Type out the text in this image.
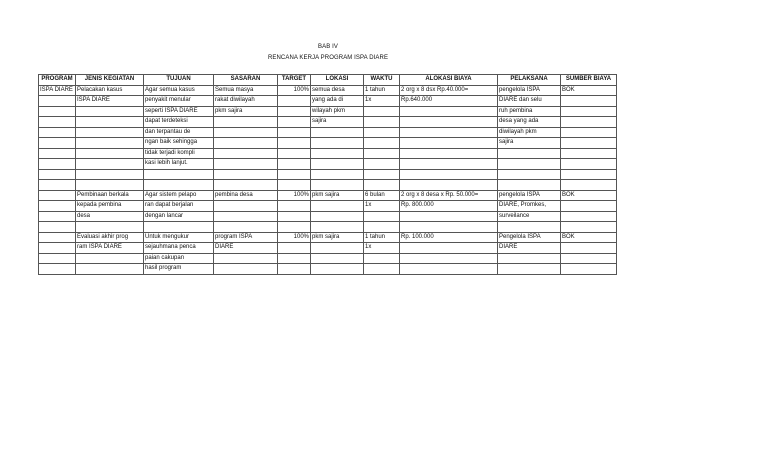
BAB IV
RENCANA KERJA PROGRAM ISPA DIARE
PROGRAM	JENIS KEGIATAN	TUJUAN	SASARAN	TARGET	LOKASI	WAKTU	ALOKASI BIAYA	PELAKSANA	SUMBER BIAYA
ISPA DIARE	Pelacakan kasus	Agar semua kasus	Semua masya	100%	semua desa	1 tahun	2 org x 8 dsx Rp.40.000=	pengelola ISPA	BOK
	ISPA DIARE	penyakit menular	rakat diwilayah		yang ada di	1x	Rp.640.000	DIARE dan selu	
		seperti ISPA DIARE	pkm sajira		wilayah pkm			ruh pembina	
		dapat terdeteksi			sajira			desa yang ada	
		dan terpantau de						diwilayah pkm	
		ngan baik sehingga						sajira	
		tidak terjadi kompli							
		kasi lebih lanjut.							

	Pembinaan berkala	Agar sistem pelapo	pembina desa	100%	pkm sajira	6 bulan	2 org x 8 desa x Rp. 50.000=	pengelola ISPA	BOK
	kepada pembina	ran dapat berjalan				1x	Rp. 800.000	DIARE, Promkes,	
	desa	dengan lancar						surveilance	

	Evaluasi akhir prog	Untuk mengukur	program ISPA	100%	pkm sajira	1 tahun	Rp. 100.000	Pengelola ISPA	BOK
	ram ISPA DIARE	sejauhmana penca	DIARE			1x		DIARE	
		paian cakupan							
		hasil program							
